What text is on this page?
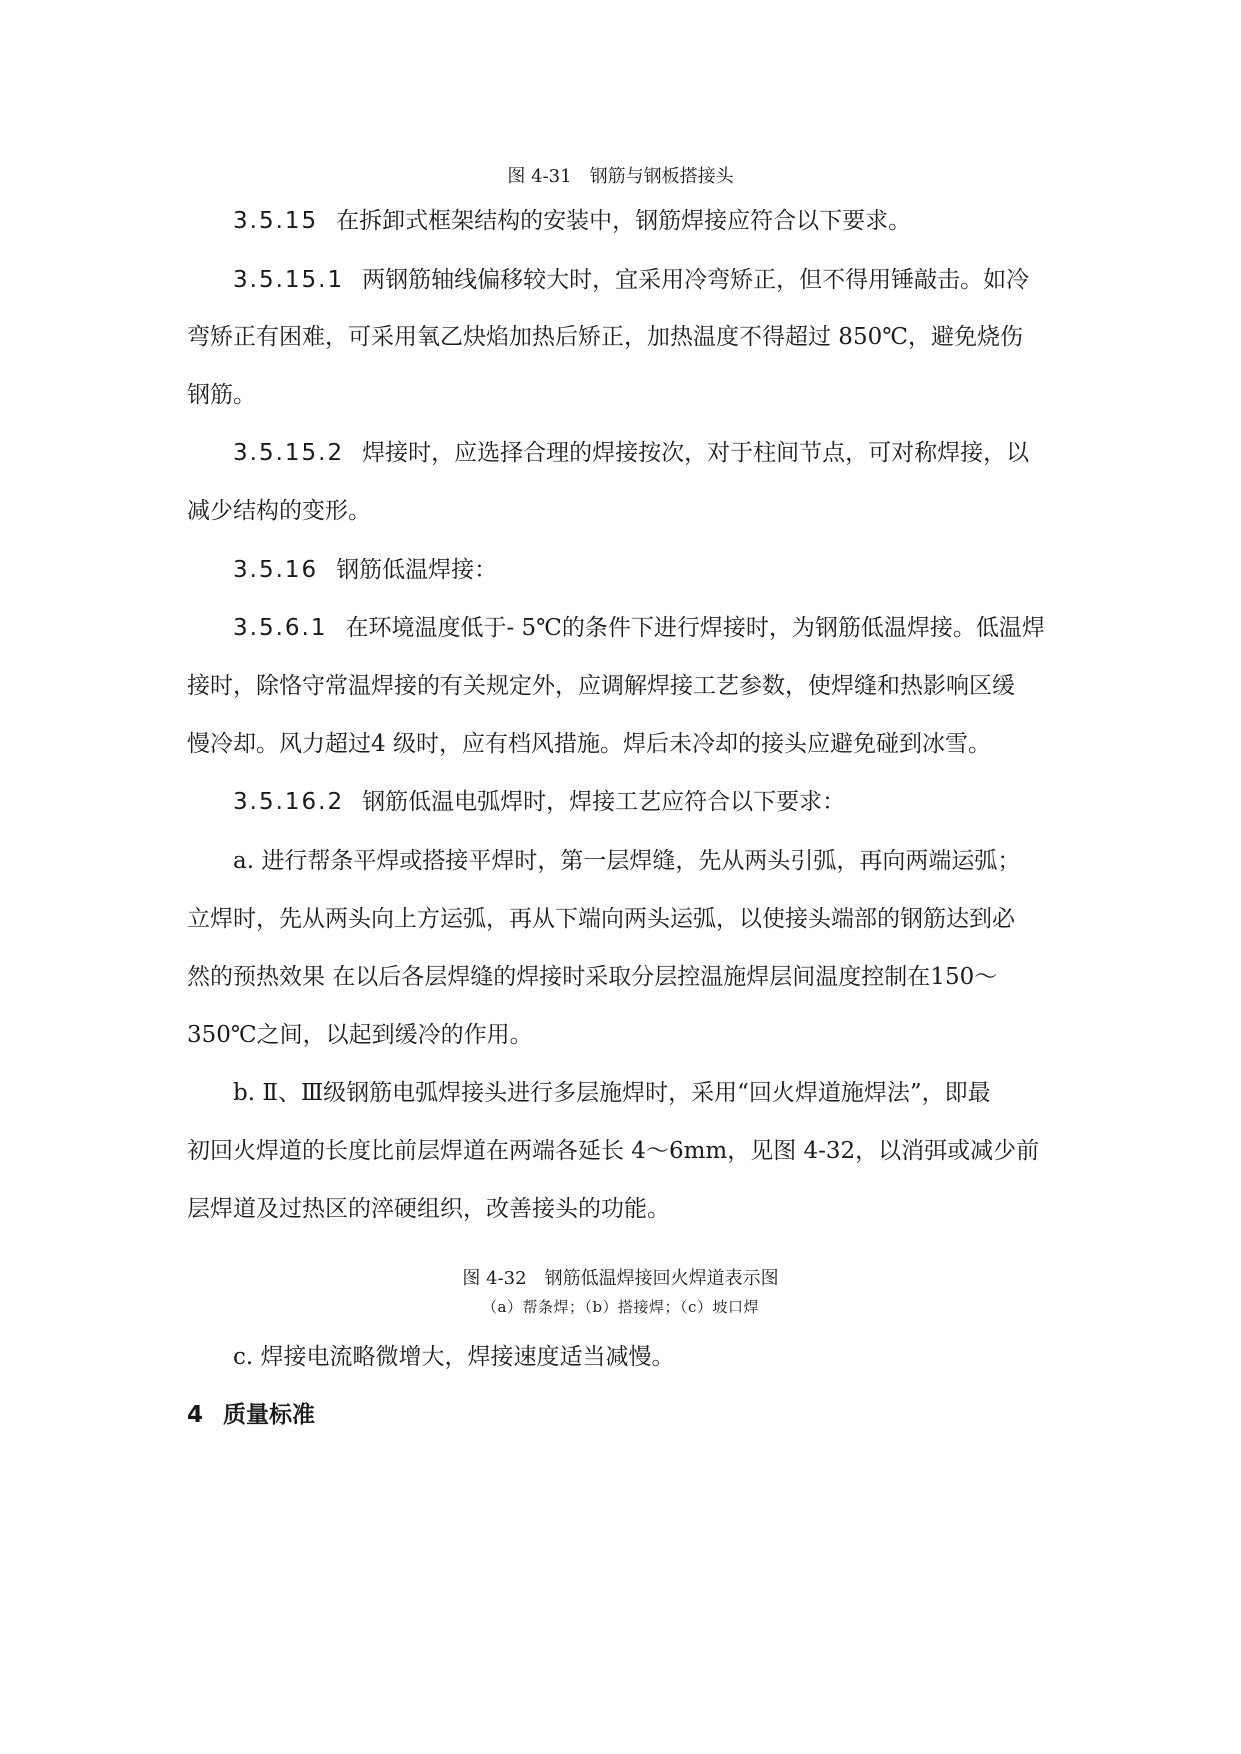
图 4-31　钢筋与钢板搭接头
3.5.15 在拆卸式框架结构的安装中，钢筋焊接应符合以下要求。
3.5.15.1 两钢筋轴线偏移较大时，宜采用冷弯矫正，但不得用锤敲击。如冷
弯矫正有困难，可采用氧乙炔焰加热后矫正，加热温度不得超过 850℃，避免烧伤
钢筋。
3.5.15.2 焊接时，应选择合理的焊接按次，对于柱间节点，可对称焊接，以
减少结构的变形。
3.5.16 钢筋低温焊接：
3.5.6.1 在环境温度低于- 5℃的条件下进行焊接时，为钢筋低温焊接。低温焊
接时，除恪守常温焊接的有关规定外，应调解焊接工艺参数，使焊缝和热影响区缓
慢冷却。风力超过4 级时，应有档风措施。焊后未冷却的接头应避免碰到冰雪。
3.5.16.2 钢筋低温电弧焊时，焊接工艺应符合以下要求：
a. 进行帮条平焊或搭接平焊时，第一层焊缝，先从两头引弧，再向两端运弧；
立焊时，先从两头向上方运弧，再从下端向两头运弧，以使接头端部的钢筋达到必
然的预热效果 在以后各层焊缝的焊接时采取分层控温施焊层间温度控制在150～
350℃之间，以起到缓冷的作用。
b. Ⅱ、Ⅲ级钢筋电弧焊接头进行多层施焊时，采用“回火焊道施焊法”，即最
初回火焊道的长度比前层焊道在两端各延长 4～6mm，见图 4-32，以消弭或减少前
层焊道及过热区的淬硬组织，改善接头的功能。
图 4-32　钢筋低温焊接回火焊道表示图
（a）帮条焊；（b）搭接焊；（c）坡口焊
c. 焊接电流略微增大，焊接速度适当减慢。
4 质量标准
